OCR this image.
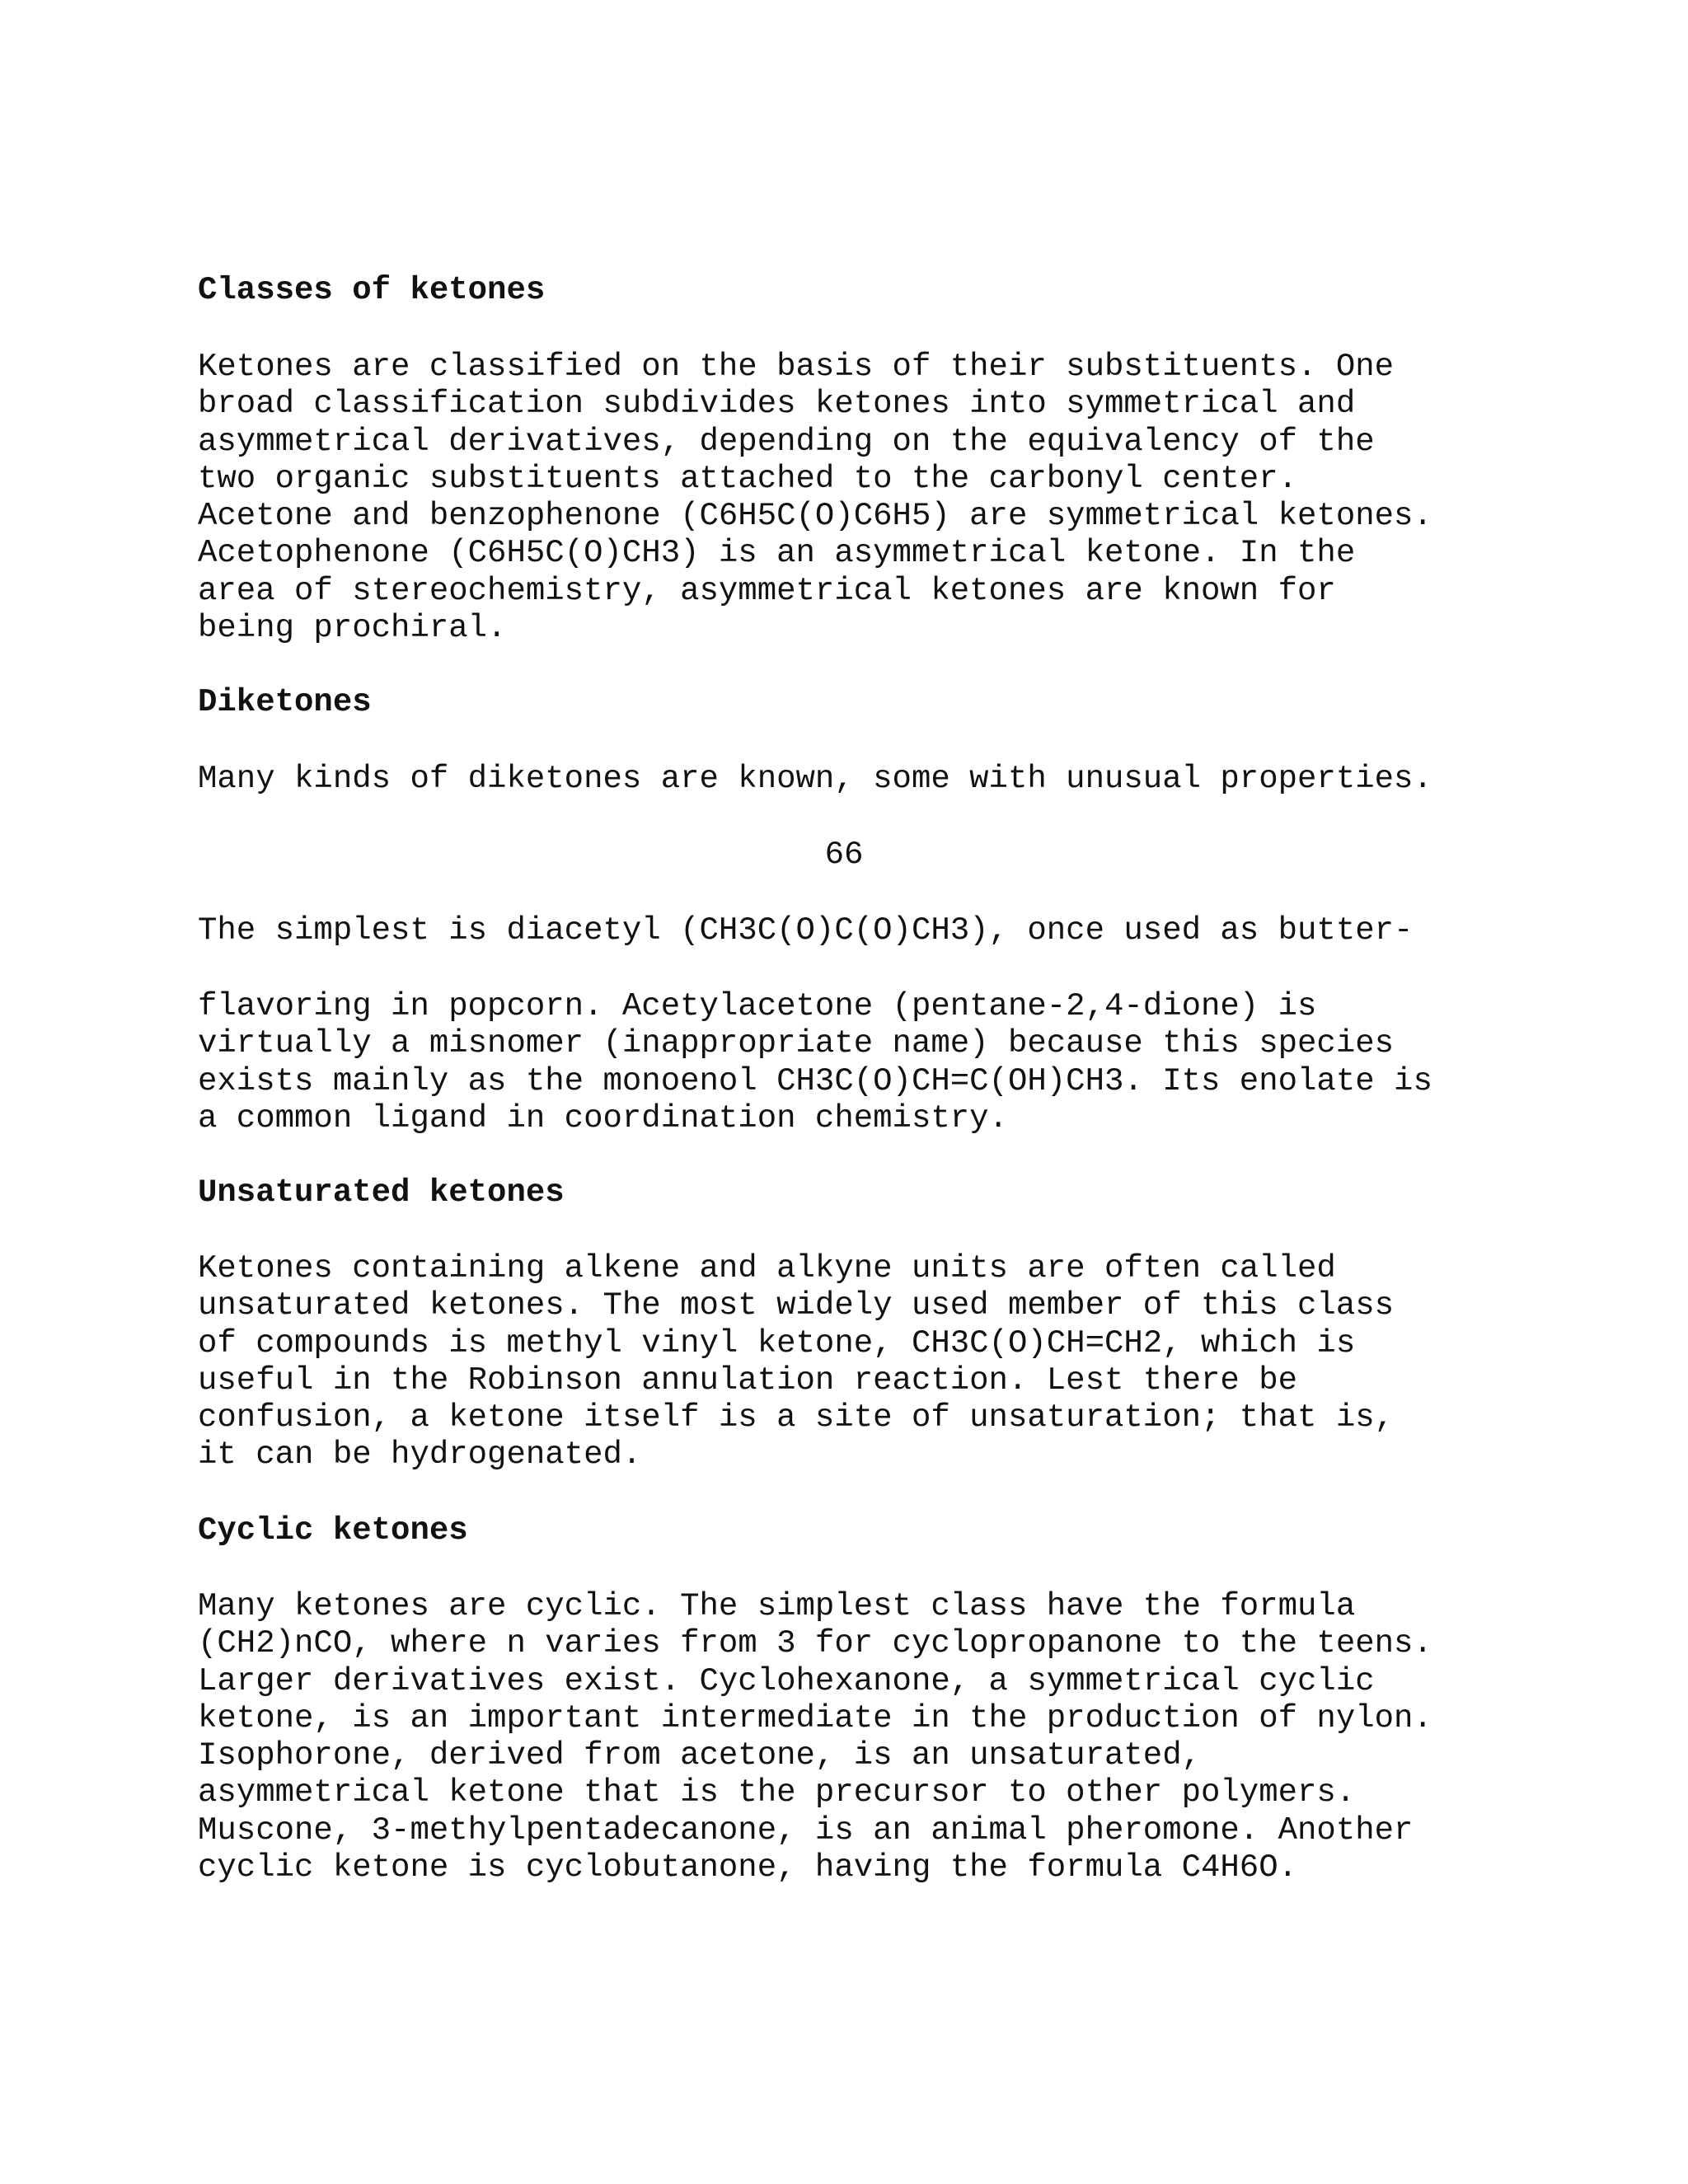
Classes of ketones
Ketones are classified on the basis of their substituents. One
broad classification subdivides ketones into symmetrical and
asymmetrical derivatives, depending on the equivalency of the
two organic substituents attached to the carbonyl center.
Acetone and benzophenone (C6H5C(O)C6H5) are symmetrical ketones.
Acetophenone (C6H5C(O)CH3) is an asymmetrical ketone. In the
area of stereochemistry, asymmetrical ketones are known for
being prochiral.
Diketones
Many kinds of diketones are known, some with unusual properties.
66
The simplest is diacetyl (CH3C(O)C(O)CH3), once used as butter-
flavoring in popcorn. Acetylacetone (pentane-2,4-dione) is
virtually a misnomer (inappropriate name) because this species
exists mainly as the monoenol CH3C(O)CH=C(OH)CH3. Its enolate is
a common ligand in coordination chemistry.
Unsaturated ketones
Ketones containing alkene and alkyne units are often called
unsaturated ketones. The most widely used member of this class
of compounds is methyl vinyl ketone, CH3C(O)CH=CH2, which is
useful in the Robinson annulation reaction. Lest there be
confusion, a ketone itself is a site of unsaturation; that is,
it can be hydrogenated.
Cyclic ketones
Many ketones are cyclic. The simplest class have the formula
(CH2)nCO, where n varies from 3 for cyclopropanone to the teens.
Larger derivatives exist. Cyclohexanone, a symmetrical cyclic
ketone, is an important intermediate in the production of nylon.
Isophorone, derived from acetone, is an unsaturated,
asymmetrical ketone that is the precursor to other polymers.
Muscone, 3-methylpentadecanone, is an animal pheromone. Another
cyclic ketone is cyclobutanone, having the formula C4H6O.
